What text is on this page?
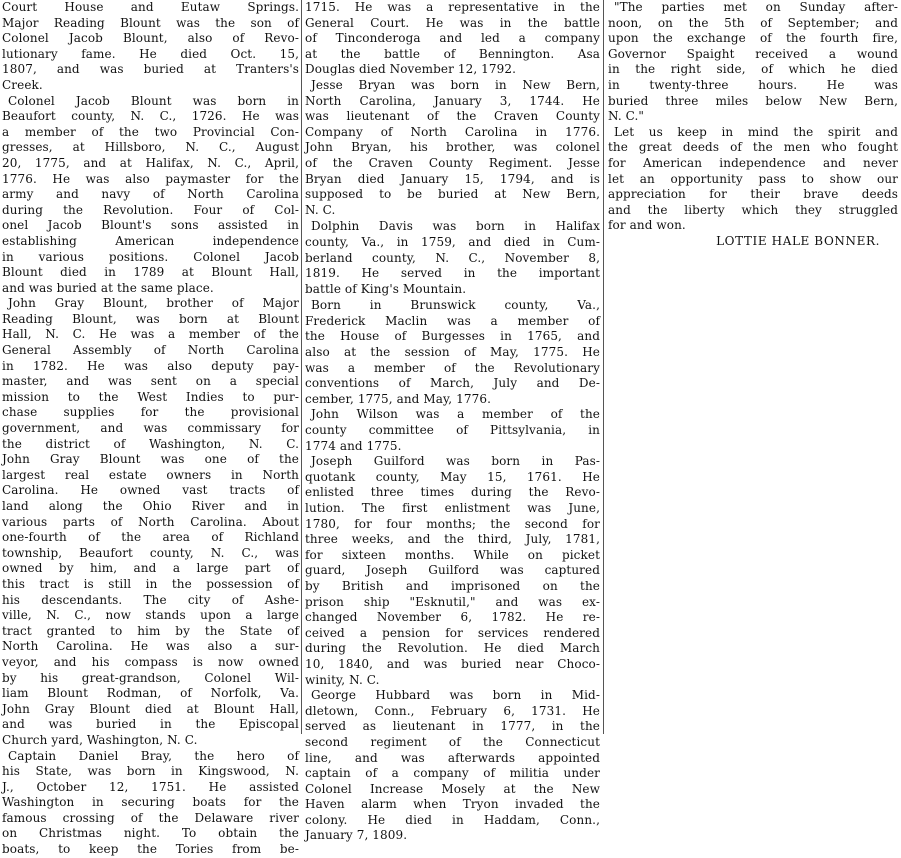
Court House and Eutaw Springs.
Major Reading Blount was the son of
Colonel Jacob Blount, also of Revo-
lutionary fame. He died Oct. 15,
1807, and was buried at Tranters's
Creek.
Colonel Jacob Blount was born in
Beaufort county, N. C., 1726. He was
a member of the two Provincial Con-
gresses, at Hillsboro, N. C., August
20, 1775, and at Halifax, N. C., April,
1776. He was also paymaster for the
army and navy of North Carolina
during the Revolution. Four of Col-
onel Jacob Blount's sons assisted in
establishing American independence
in various positions. Colonel Jacob
Blount died in 1789 at Blount Hall,
and was buried at the same place.
John Gray Blount, brother of Major
Reading Blount, was born at Blount
Hall, N. C. He was a member of the
General Assembly of North Carolina
in 1782. He was also deputy pay-
master, and was sent on a special
mission to the West Indies to pur-
chase supplies for the provisional
government, and was commissary for
the district of Washington, N. C.
John Gray Blount was one of the
largest real estate owners in North
Carolina. He owned vast tracts of
land along the Ohio River and in
various parts of North Carolina. About
one-fourth of the area of Richland
township, Beaufort county, N. C., was
owned by him, and a large part of
this tract is still in the possession of
his descendants. The city of Ashe-
ville, N. C., now stands upon a large
tract granted to him by the State of
North Carolina. He was also a sur-
veyor, and his compass is now owned
by his great-grandson, Colonel Wil-
liam Blount Rodman, of Norfolk, Va.
John Gray Blount died at Blount Hall,
and was buried in the Episcopal
Church yard, Washington, N. C.
Captain Daniel Bray, the hero of
his State, was born in Kingswood, N.
J., October 12, 1751. He assisted
Washington in securing boats for the
famous crossing of the Delaware river
on Christmas night. To obtain the
boats, to keep the Tories from be-
1715. He was a representative in the
General Court. He was in the battle
of Tinconderoga and led a company
at the battle of Bennington. Asa
Douglas died November 12, 1792.
Jesse Bryan was born in New Bern,
North Carolina, January 3, 1744. He
was lieutenant of the Craven County
Company of North Carolina in 1776.
John Bryan, his brother, was colonel
of the Craven County Regiment. Jesse
Bryan died January 15, 1794, and is
supposed to be buried at New Bern,
N. C.
Dolphin Davis was born in Halifax
county, Va., in 1759, and died in Cum-
berland county, N. C., November 8,
1819. He served in the important
battle of King's Mountain.
Born in Brunswick county, Va.,
Frederick Maclin was a member of
the House of Burgesses in 1765, and
also at the session of May, 1775. He
was a member of the Revolutionary
conventions of March, July and De-
cember, 1775, and May, 1776.
John Wilson was a member of the
county committee of Pittsylvania, in
1774 and 1775.
Joseph Guilford was born in Pas-
quotank county, May 15, 1761. He
enlisted three times during the Revo-
lution. The first enlistment was June,
1780, for four months; the second for
three weeks, and the third, July, 1781,
for sixteen months. While on picket
guard, Joseph Guilford was captured
by British and imprisoned on the
prison ship "Esknutil," and was ex-
changed November 6, 1782. He re-
ceived a pension for services rendered
during the Revolution. He died March
10, 1840, and was buried near Choco-
winity, N. C.
George Hubbard was born in Mid-
dletown, Conn., February 6, 1731. He
served as lieutenant in 1777, in the
second regiment of the Connecticut
line, and was afterwards appointed
captain of a company of militia under
Colonel Increase Mosely at the New
Haven alarm when Tryon invaded the
colony. He died in Haddam, Conn.,
January 7, 1809.
"The parties met on Sunday after-
noon, on the 5th of September; and
upon the exchange of the fourth fire,
Governor Spaight received a wound
in the right side, of which he died
in twenty-three hours. He was
buried three miles below New Bern,
N. C."
Let us keep in mind the spirit and
the great deeds of the men who fought
for American independence and never
let an opportunity pass to show our
appreciation for their brave deeds
and the liberty which they struggled
for and won.
LOTTIE HALE BONNER.
